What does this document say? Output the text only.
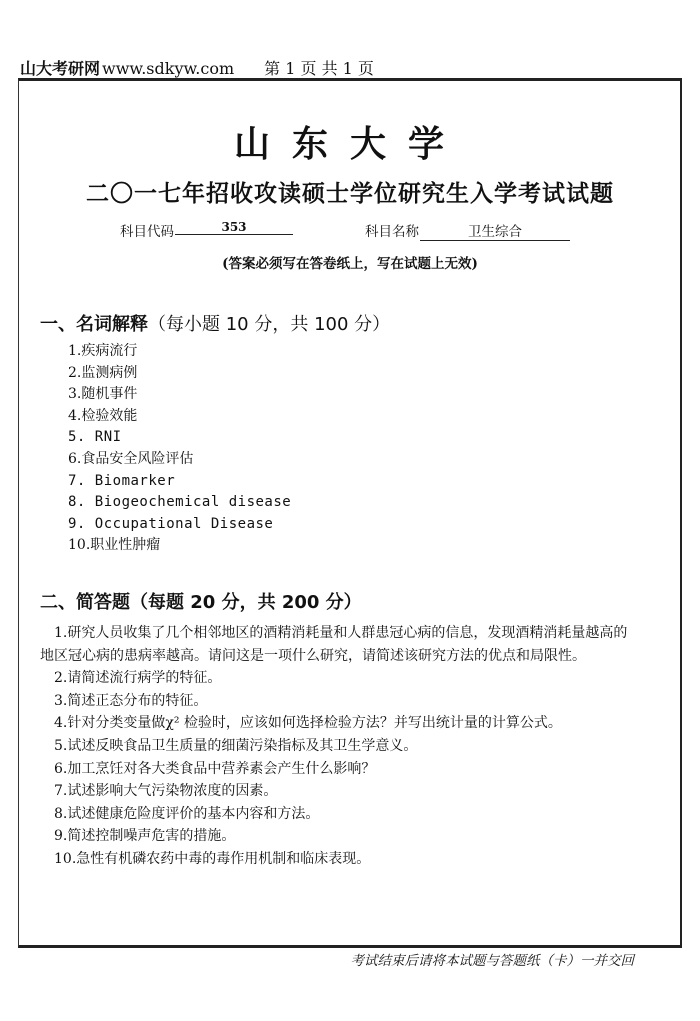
山大考研网 www.sdkyw.com 第 1 页 共 1 页
山东大学
二〇一七年招收攻读硕士学位研究生入学考试试题
科目代码	353	科目名称	卫生综合
(答案必须写在答卷纸上，写在试题上无效)
一、名词解释（每小题 10 分，共 100 分）
1.疾病流行
2.监测病例
3.随机事件
4.检验效能
5. RNI
6.食品安全风险评估
7. Biomarker
8. Biogeochemical disease
9. Occupational Disease
10.职业性肿瘤
二、简答题（每题 20 分，共 200 分）

1.研究人员收集了几个相邻地区的酒精消耗量和人群患冠心病的信息，发现酒精消耗量越高的地区冠心病的患病率越高。请问这是一项什么研究，请简述该研究方法的优点和局限性。

2.请简述流行病学的特征。

3.简述正态分布的特征。

4.针对分类变量做χ² 检验时，应该如何选择检验方法？并写出统计量的计算公式。

5.试述反映食品卫生质量的细菌污染指标及其卫生学意义。

6.加工烹饪对各大类食品中营养素会产生什么影响？

7.试述影响大气污染物浓度的因素。

8.试述健康危险度评价的基本内容和方法。

9.简述控制噪声危害的措施。

10.急性有机磷农药中毒的毒作用机制和临床表现。

考试结束后请将本试题与答题纸（卡）一并交回
